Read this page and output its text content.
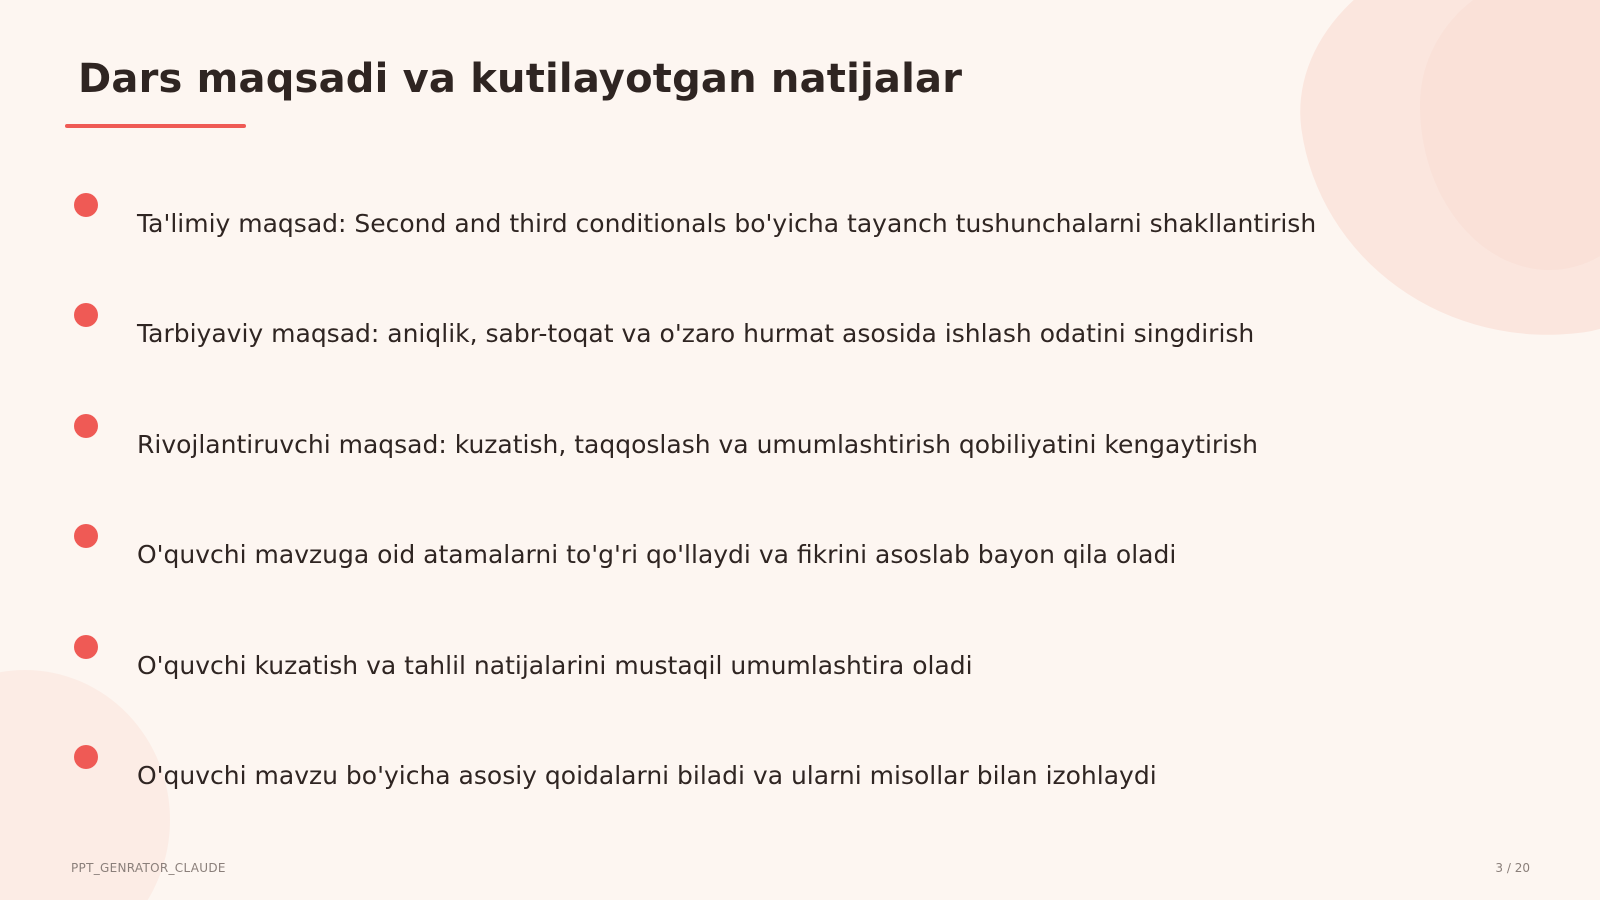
Dars maqsadi va kutilayotgan natijalar
Ta'limiy maqsad: Second and third conditionals bo'yicha tayanch tushunchalarni shakllantirish
Tarbiyaviy maqsad: aniqlik, sabr-toqat va o'zaro hurmat asosida ishlash odatini singdirish
Rivojlantiruvchi maqsad: kuzatish, taqqoslash va umumlashtirish qobiliyatini kengaytirish
O'quvchi mavzuga oid atamalarni to'g'ri qo'llaydi va fikrini asoslab bayon qila oladi
O'quvchi kuzatish va tahlil natijalarini mustaqil umumlashtira oladi
O'quvchi mavzu bo'yicha asosiy qoidalarni biladi va ularni misollar bilan izohlaydi
PPT_GENRATOR_CLAUDE	3 / 20
